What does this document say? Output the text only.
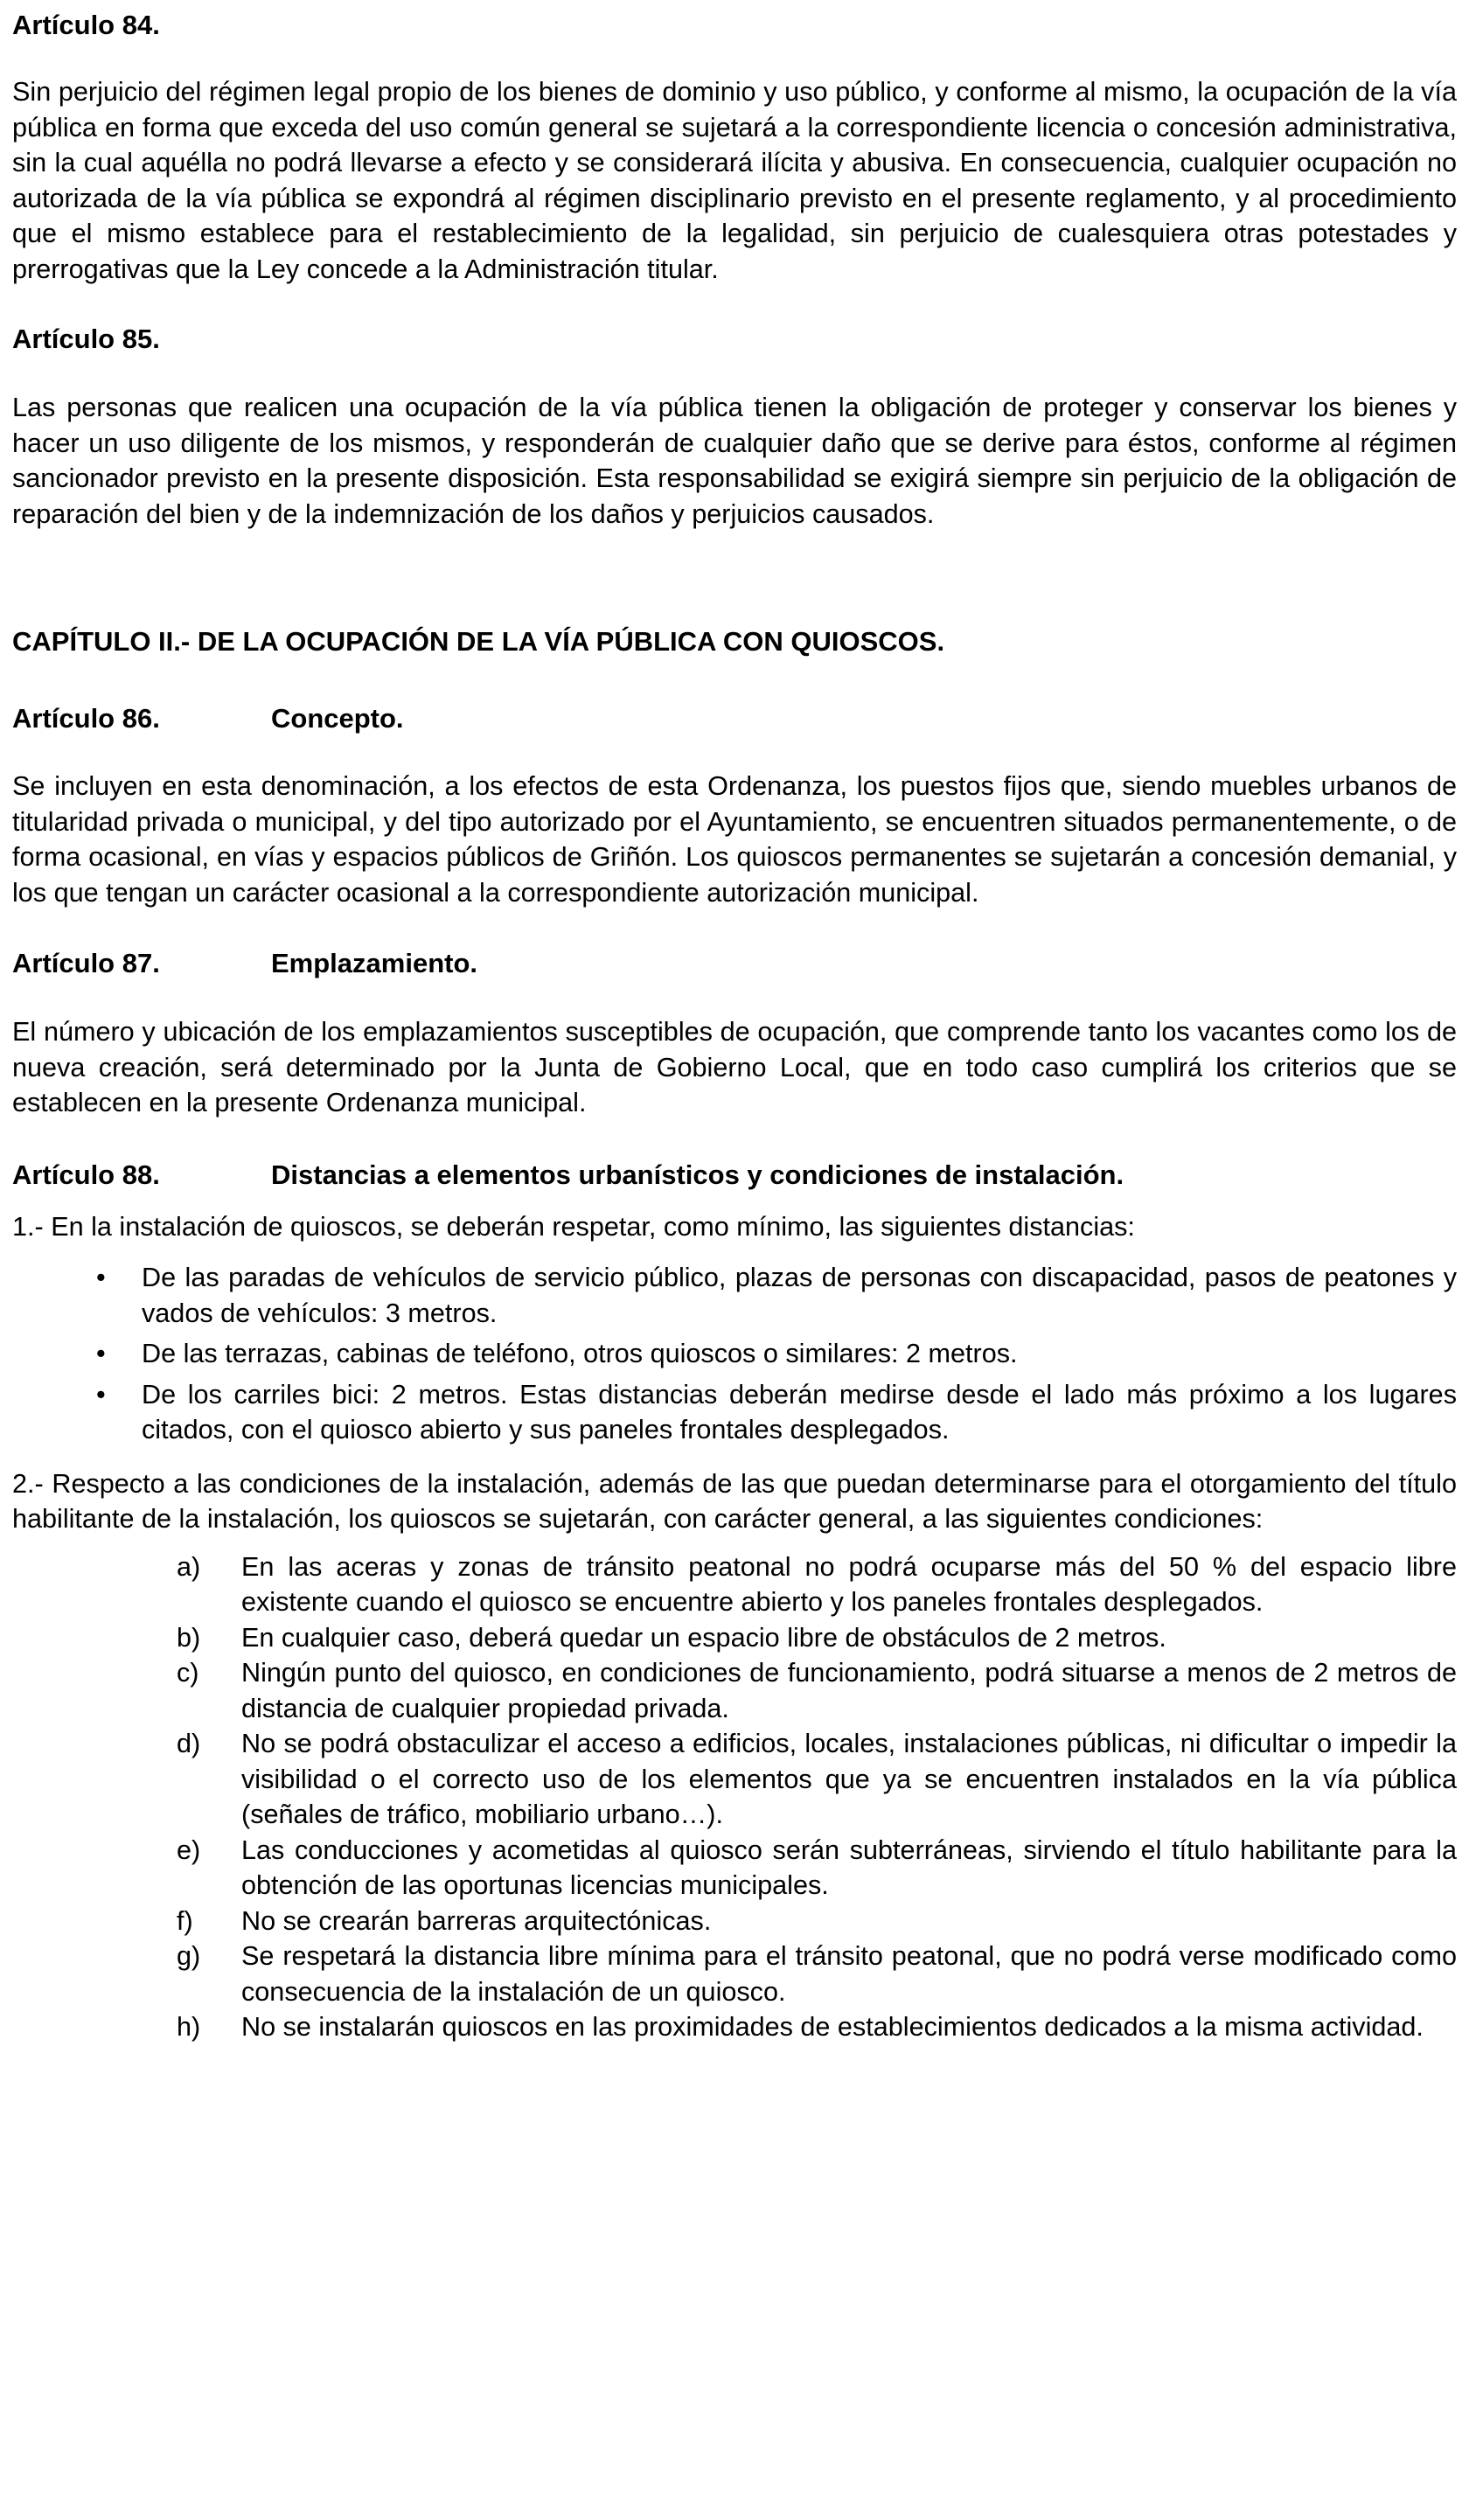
Artículo 84.

Sin perjuicio del régimen legal propio de los bienes de dominio y uso público, y conforme al mismo, la ocupación de la vía pública en forma que exceda del uso común general se sujetará a la correspondiente licencia o concesión administrativa, sin la cual aquélla no podrá llevarse a efecto y se considerará ilícita y abusiva. En consecuencia, cualquier ocupación no autorizada de la vía pública se expondrá al régimen disciplinario previsto en el presente reglamento, y al procedimiento que el mismo establece para el restablecimiento de la legalidad, sin perjuicio de cualesquiera otras potestades y prerrogativas que la Ley concede a la Administración titular.

Artículo 85.

Las personas que realicen una ocupación de la vía pública tienen la obligación de proteger y conservar los bienes y hacer un uso diligente de los mismos, y responderán de cualquier daño que se derive para éstos, conforme al régimen sancionador previsto en la presente disposición. Esta responsabilidad se exigirá siempre sin perjuicio de la obligación de reparación del bien y de la indemnización de los daños y perjuicios causados.

CAPÍTULO II.- DE LA OCUPACIÓN DE LA VÍA PÚBLICA CON QUIOSCOS.
Artículo 86.	Concepto.

Se incluyen en esta denominación, a los efectos de esta Ordenanza, los puestos fijos que, siendo muebles urbanos de titularidad privada o municipal, y del tipo autorizado por el Ayuntamiento, se encuentren situados permanentemente, o de forma ocasional, en vías y espacios públicos de Griñón. Los quioscos permanentes se sujetarán a concesión demanial, y los que tengan un carácter ocasional a la correspondiente autorización municipal.

Artículo 87.	Emplazamiento.

El número y ubicación de los emplazamientos susceptibles de ocupación, que comprende tanto los vacantes como los de nueva creación, será determinado por la Junta de Gobierno Local, que en todo caso cumplirá los criterios que se establecen en la presente Ordenanza municipal.

Artículo 88.	Distancias a elementos urbanísticos y condiciones de instalación.

1.- En la instalación de quioscos, se deberán respetar, como mínimo, las siguientes distancias:

• De las paradas de vehículos de servicio público, plazas de personas con discapacidad, pasos de peatones y vados de vehículos: 3 metros.
• De las terrazas, cabinas de teléfono, otros quioscos o similares: 2 metros.
• De los carriles bici: 2 metros. Estas distancias deberán medirse desde el lado más próximo a los lugares citados, con el quiosco abierto y sus paneles frontales desplegados.

2.- Respecto a las condiciones de la instalación, además de las que puedan determinarse para el otorgamiento del título habilitante de la instalación, los quioscos se sujetarán, con carácter general, a las siguientes condiciones:

a) En las aceras y zonas de tránsito peatonal no podrá ocuparse más del 50 % del espacio libre existente cuando el quiosco se encuentre abierto y los paneles frontales desplegados.
b) En cualquier caso, deberá quedar un espacio libre de obstáculos de 2 metros.
c) Ningún punto del quiosco, en condiciones de funcionamiento, podrá situarse a menos de 2 metros de distancia de cualquier propiedad privada.
d) No se podrá obstaculizar el acceso a edificios, locales, instalaciones públicas, ni dificultar o impedir la visibilidad o el correcto uso de los elementos que ya se encuentren instalados en la vía pública (señales de tráfico, mobiliario urbano…).
e) Las conducciones y acometidas al quiosco serán subterráneas, sirviendo el título habilitante para la obtención de las oportunas licencias municipales.
f) No se crearán barreras arquitectónicas.
g) Se respetará la distancia libre mínima para el tránsito peatonal, que no podrá verse modificado como consecuencia de la instalación de un quiosco.
h) No se instalarán quioscos en las proximidades de establecimientos dedicados a la misma actividad.
